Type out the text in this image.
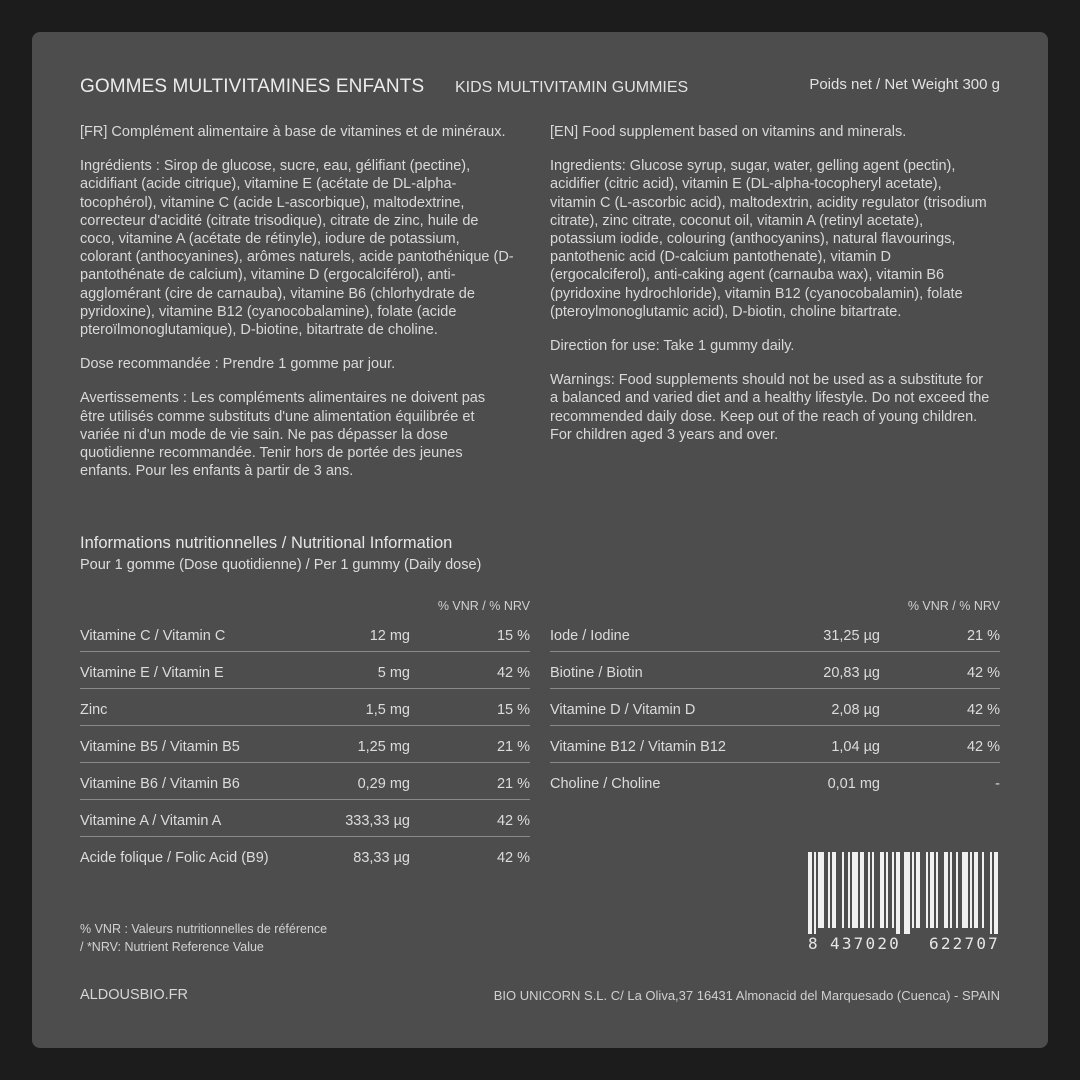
GOMMES MULTIVITAMINES ENFANTS KIDS MULTIVITAMIN GUMMIES	Poids net / Net Weight 300 g

[FR] Complément alimentaire à base de vitamines et de minéraux.

Ingrédients : Sirop de glucose, sucre, eau, gélifiant (pectine), acidifiant (acide citrique), vitamine E (acétate de DL-alpha-tocophérol), vitamine C (acide L-ascorbique), maltodextrine, correcteur d'acidité (citrate trisodique), citrate de zinc, huile de coco, vitamine A (acétate de rétinyle), iodure de potassium, colorant (anthocyanines), arômes naturels, acide pantothénique (D-pantothénate de calcium), vitamine D (ergocalciférol), anti-agglomérant (cire de carnauba), vitamine B6 (chlorhydrate de pyridoxine), vitamine B12 (cyanocobalamine), folate (acide pteroïlmonoglutamique), D-biotine, bitartrate de choline.

Dose recommandée : Prendre 1 gomme par jour.

Avertissements : Les compléments alimentaires ne doivent pas être utilisés comme substituts d'une alimentation équilibrée et variée ni d'un mode de vie sain. Ne pas dépasser la dose quotidienne recommandée. Tenir hors de portée des jeunes enfants. Pour les enfants à partir de 3 ans.

[EN] Food supplement based on vitamins and minerals.

Ingredients: Glucose syrup, sugar, water, gelling agent (pectin), acidifier (citric acid), vitamin E (DL-alpha-tocopheryl acetate), vitamin C (L-ascorbic acid), maltodextrin, acidity regulator (trisodium citrate), zinc citrate, coconut oil, vitamin A (retinyl acetate), potassium iodide, colouring (anthocyanins), natural flavourings, pantothenic acid (D-calcium pantothenate), vitamin D (ergocalciferol), anti-caking agent (carnauba wax), vitamin B6 (pyridoxine hydrochloride), vitamin B12 (cyanocobalamin), folate (pteroylmonoglutamic acid), D-biotin, choline bitartrate.

Direction for use: Take 1 gummy daily.

Warnings: Food supplements should not be used as a substitute for a balanced and varied diet and a healthy lifestyle. Do not exceed the recommended daily dose. Keep out of the reach of young children. For children aged 3 years and over.

Informations nutritionnelles / Nutritional Information
Pour 1 gomme (Dose quotidienne) / Per 1 gummy (Daily dose)
% VNR / % NRV
Vitamine C / Vitamin C	12 mg	15 %
Vitamine E / Vitamin E	5 mg	42 %
Zinc	1,5 mg	15 %
Vitamine B5 / Vitamin B5	1,25 mg	21 %
Vitamine B6 / Vitamin B6	0,29 mg	21 %
Vitamine A / Vitamin A	333,33 µg	42 %
Acide folique / Folic Acid (B9)	83,33 µg	42 %
% VNR / % NRV
Iode / Iodine	31,25 µg	21 %
Biotine / Biotin	20,83 µg	42 %
Vitamine D / Vitamin D	2,08 µg	42 %
Vitamine B12 / Vitamin B12	1,04 µg	42 %
Choline / Choline	0,01 mg	-
% VNR : Valeurs nutritionnelles de référence
/ *NRV: Nutrient Reference Value	8 437020	622707
ALDOUSBIO.FR	BIO UNICORN S.L. C/ La Oliva,37 16431 Almonacid del Marquesado (Cuenca) - SPAIN
